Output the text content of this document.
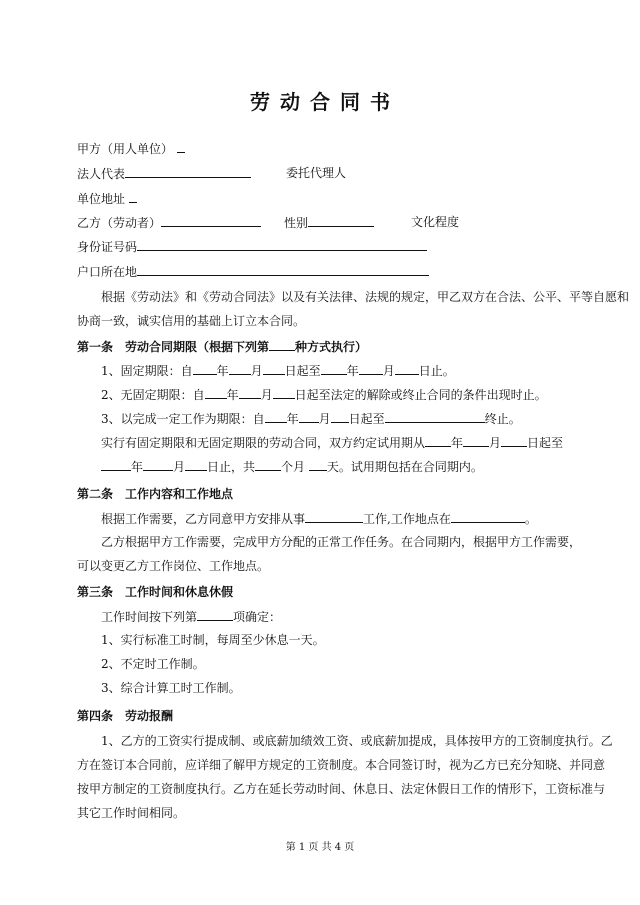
劳动合同书
甲方（用人单位）
法人代表	委托代理人
单位地址
乙方（劳动者）	性别	文化程度
身份证号码
户口所在地
根据《劳动法》和《劳动合同法》以及有关法律、法规的规定，甲乙双方在合法、公平、平等自愿和
协商一致，诚实信用的基础上订立本合同。
第一条　劳动合同期限（根据下列第 种方式执行）
1、固定期限：自 年 月 日起至 年 月 日止。
2、无固定期限：自 年 月 日起至法定的解除或终止合同的条件出现时止。
3、以完成一定工作为期限：自 年 月 日起至	终止。
实行有固定期限和无固定期限的劳动合同，双方约定试用期从 年 月 日起至
年	月 日止，共 个月 天。试用期包括在合同期内。
第二条　工作内容和工作地点
根据工作需要，乙方同意甲方安排从事	工作,工作地点在	。
乙方根据甲方工作需要，完成甲方分配的正常工作任务。在合同期内，根据甲方工作需要，
可以变更乙方工作岗位、工作地点。
第三条　工作时间和休息休假
工作时间按下列第	项确定：
1、实行标准工时制，每周至少休息一天。
2、不定时工作制。
3、综合计算工时工作制。
第四条　劳动报酬
1、乙方的工资实行提成制、或底薪加绩效工资、或底薪加提成，具体按甲方的工资制度执行。乙
方在签订本合同前，应详细了解甲方规定的工资制度。本合同签订时，视为乙方已充分知晓、并同意
按甲方制定的工资制度执行。乙方在延长劳动时间、休息日、法定休假日工作的情形下，工资标准与
其它工作时间相同。
第 1 页 共 4 页
